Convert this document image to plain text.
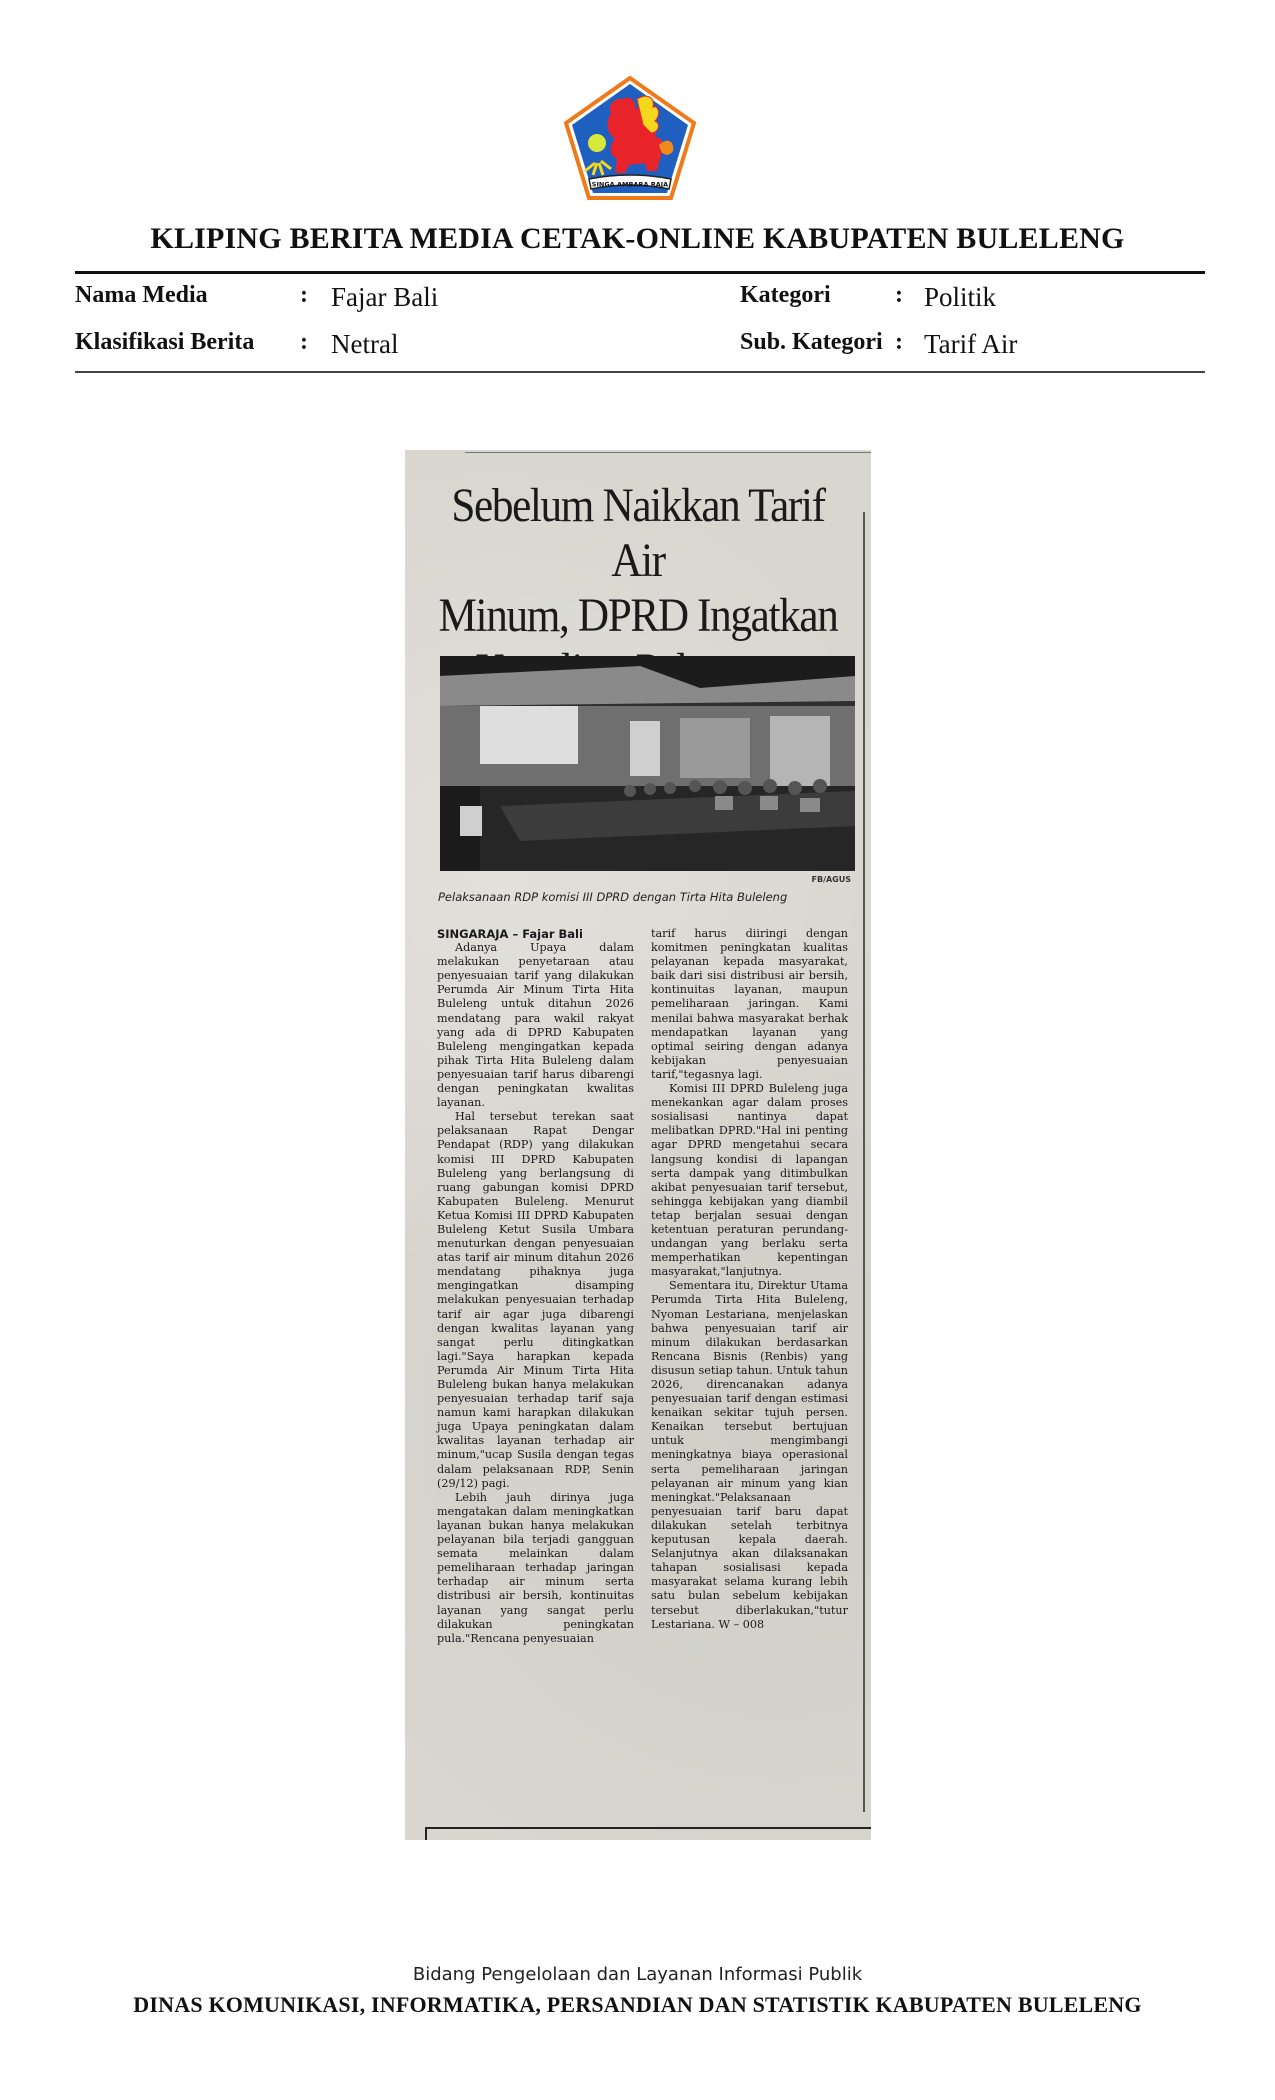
SINGA AMBARA RAJA
KLIPING BERITA MEDIA CETAK-ONLINE KABUPATEN BULELENG
Nama Media	: Fajar Bali
Klasifikasi Berita : Netral
Kategori	: Politik
Sub. Kategori : Tarif Air
Sebelum Naikkan Tarif Air
Minum, DPRD Ingatkan
FB/AGUS
Pelaksanaan RDP komisi III DPRD dengan Tirta Hita Buleleng
SINGARAJA – Fajar Bali

Adanya Upaya dalam melakukan penyetaraan atau penyesuaian tarif yang dilakukan Perumda Air Minum Tirta Hita Buleleng untuk ditahun 2026 mendatang para wakil rakyat yang ada di DPRD Kabupaten Buleleng mengingatkan kepada pihak Tirta Hita Buleleng dalam penyesuaian tarif harus dibarengi dengan peningkatan kwalitas layanan.

Hal tersebut terekan saat pelaksanaan Rapat Dengar Pendapat (RDP) yang dilakukan komisi III DPRD Kabupaten Buleleng yang berlangsung di ruang gabungan komisi DPRD Kabupaten Buleleng. Menurut Ketua Komisi III DPRD Kabupaten Buleleng Ketut Susila Umbara menuturkan dengan penyesuaian atas tarif air minum ditahun 2026 mendatang pihaknya juga mengingatkan disamping melakukan penyesuaian terhadap tarif air agar juga dibarengi dengan kwalitas layanan yang sangat perlu ditingkatkan lagi."Saya harapkan kepada Perumda Air Minum Tirta Hita Buleleng bukan hanya melakukan penyesuaian terhadap tarif saja namun kami harapkan dilakukan juga Upaya peningkatan dalam kwalitas layanan terhadap air minum,"ucap Susila dengan tegas dalam pelaksanaan RDP, Senin (29/12) pagi.

Lebih jauh dirinya juga mengatakan dalam meningkatkan layanan bukan hanya melakukan pelayanan bila terjadi gangguan semata melainkan dalam pemeliharaan terhadap jaringan terhadap air minum serta distribusi air bersih, kontinuitas layanan yang sangat perlu dilakukan peningkatan pula."Rencana penyesuaian

tarif harus diiringi dengan komitmen peningkatan kualitas pelayanan kepada masyarakat, baik dari sisi distribusi air bersih, kontinuitas layanan, maupun pemeliharaan jaringan. Kami menilai bahwa masyarakat berhak mendapatkan layanan yang optimal seiring dengan adanya kebijakan penyesuaian tarif,"tegasnya lagi.

Komisi III DPRD Buleleng juga menekankan agar dalam proses sosialisasi nantinya dapat melibatkan DPRD."Hal ini penting agar DPRD mengetahui secara langsung kondisi di lapangan serta dampak yang ditimbulkan akibat penyesuaian tarif tersebut, sehingga kebijakan yang diambil tetap berjalan sesuai dengan ketentuan peraturan perundang-undangan yang berlaku serta memperhatikan kepentingan masyarakat,"lanjutnya.

Sementara itu, Direktur Utama Perumda Tirta Hita Buleleng, Nyoman Lestariana, menjelaskan bahwa penyesuaian tarif air minum dilakukan berdasarkan Rencana Bisnis (Renbis) yang disusun setiap tahun. Untuk tahun 2026, direncanakan adanya penyesuaian tarif dengan estimasi kenaikan sekitar tujuh persen. Kenaikan tersebut bertujuan untuk mengimbangi meningkatnya biaya operasional serta pemeliharaan jaringan pelayanan air minum yang kian meningkat."Pelaksanaan penyesuaian tarif baru dapat dilakukan setelah terbitnya keputusan kepala daerah. Selanjutnya akan dilaksanakan tahapan sosialisasi kepada masyarakat selama kurang lebih satu bulan sebelum kebijakan tersebut diberlakukan,"tutur Lestariana. W – 008

Bidang Pengelolaan dan Layanan Informasi Publik
DINAS KOMUNIKASI, INFORMATIKA, PERSANDIAN DAN STATISTIK KABUPATEN BULELENG
